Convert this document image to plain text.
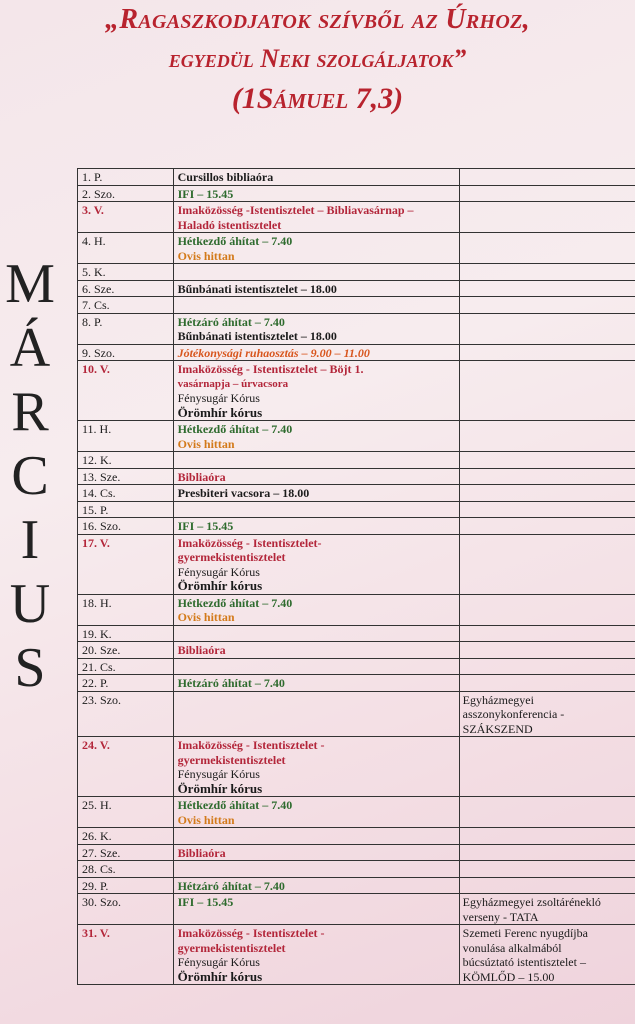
„Ragaszkodjatok szívből az Úrhoz,
egyedül Neki szolgáljatok”
(1Sámuel 7,3)
M
Á
R
C
I
U
S
1. P.	Cursillos bibliaóra	

2. Szo.	IFI – 15.45	

3. V.	Imaközösség -Istentisztelet – Bibliavasárnap –
Haladó istentisztelet	

4. H.	Hétkezdő áhítat – 7.40
Ovis hittan	

5. K.		
6. Sze.	Bűnbánati istentisztelet – 18.00	

7. Cs.		
8. P.	Hétzáró áhítat – 7.40
Bűnbánati istentisztelet – 18.00	

9. Szo.	Jótékonysági ruhaosztás – 9.00 – 11.00	

10. V.	Imaközösség - Istentisztelet – Böjt 1.
vasárnapja – úrvacsora
Fénysugár Kórus
Örömhír kórus	

11. H.	Hétkezdő áhítat – 7.40
Ovis hittan	

12. K.		
13. Sze.	Bibliaóra	

14. Cs.	Presbiteri vacsora – 18.00	

15. P.		
16. Szo.	IFI – 15.45	

17. V.	Imaközösség - Istentisztelet-
gyermekistentisztelet
Fénysugár Kórus
Örömhír kórus	

18. H.	Hétkezdő áhítat – 7.40
Ovis hittan	

19. K.		
20. Sze.	Bibliaóra	

21. Cs.		
22. P.	Hétzáró áhítat – 7.40	

23. Szo.		Egyházmegyei
asszonykonferencia -
SZÁKSZEND

24. V.	Imaközösség - Istentisztelet -
gyermekistentisztelet
Fénysugár Kórus
Örömhír kórus	

25. H.	Hétkezdő áhítat – 7.40
Ovis hittan	

26. K.		
27. Sze.	Bibliaóra	

28. Cs.		
29. P.	Hétzáró áhítat – 7.40	

30. Szo.	IFI – 15.45	Egyházmegyei zsoltárénekló
verseny - TATA

31. V.	Imaközösség - Istentisztelet -
gyermekistentisztelet
Fénysugár Kórus
Örömhír kórus	Szemeti Ferenc nyugdíjba
vonulása alkalmából
búcsúztató istentisztelet –
KÖMLŐD – 15.00
